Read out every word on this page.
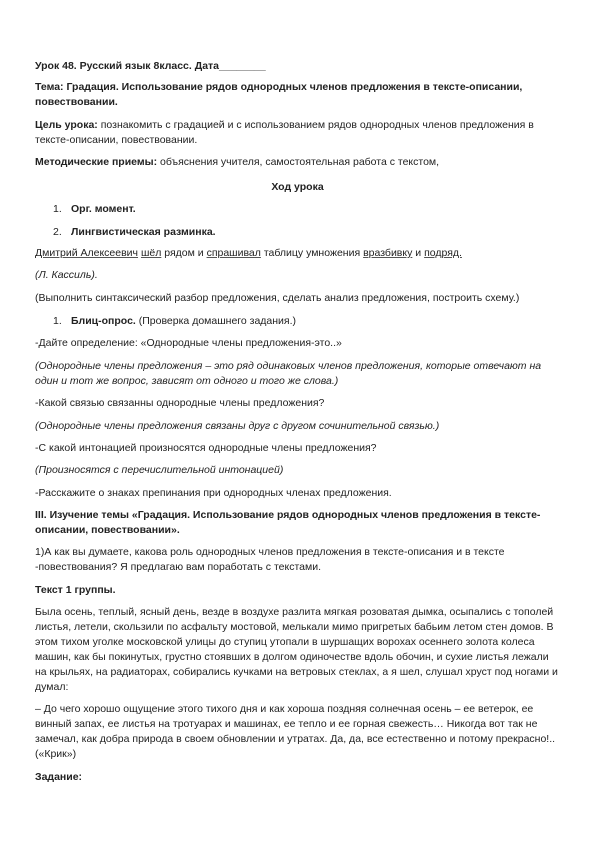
Урок 48. Русский язык 8класс. Дата________

Тема: Градация. Использование рядов однородных членов предложения в тексте-описании, повествовании.

Цель урока: познакомить с градацией и с использованием рядов однородных членов предложения в тексте-описании, повествовании.

Методические приемы: объяснения учителя, самостоятельная работа с текстом,

Ход урока

1. Орг. момент.

2. Лингвистическая разминка.

Дмитрий Алексеевич шёл рядом и спрашивал таблицу умножения вразбивку и подряд.

(Л. Кассиль).

(Выполнить синтаксический разбор предложения, сделать анализ предложения, построить схему.)

1. Блиц-опрос. (Проверка домашнего задания.)

-Дайте определение: «Однородные члены предложения-это..»

(Однородные члены предложения – это ряд одинаковых членов предложения, которые отвечают на один и тот же вопрос, зависят от одного и того же слова.)

-Какой связью связанны однородные члены предложения?

(Однородные члены предложения связаны друг с другом сочинительной связью.)

-С какой интонацией произносятся однородные члены предложения?

(Произносятся с перечислительной интонацией)

-Расскажите о знаках препинания при однородных членах предложения.

III. Изучение темы «Градация. Использование рядов однородных членов предложения в тексте-описании, повествовании».

1)А как вы думаете, какова роль однородных членов предложения в тексте-описания и в тексте -повествования? Я предлагаю вам поработать с текстами.

Текст 1 группы.

Была осень, теплый, ясный день, везде в воздухе разлита мягкая розоватая дымка, осыпались с тополей листья, летели, скользили по асфальту мостовой, мелькали мимо пригретых бабьим летом стен домов. В этом тихом уголке московской улицы до ступиц утопали в шуршащих ворохах осеннего золота колеса машин, как бы покинутых, грустно стоявших в долгом одиночестве вдоль обочин, и сухие листья лежали на крыльях, на радиаторах, собирались кучками на ветровых стеклах, а я шел, слушал хруст под ногами и думал:

– До чего хорошо ощущение этого тихого дня и как хороша поздняя солнечная осень – ее ветерок, ее винный запах, ее листья на тротуарах и машинах, ее тепло и ее горная свежесть… Никогда вот так не замечал, как добра природа в своем обновлении и утратах. Да, да, все естественно и потому прекрасно!.. («Крик»)

Задание:
